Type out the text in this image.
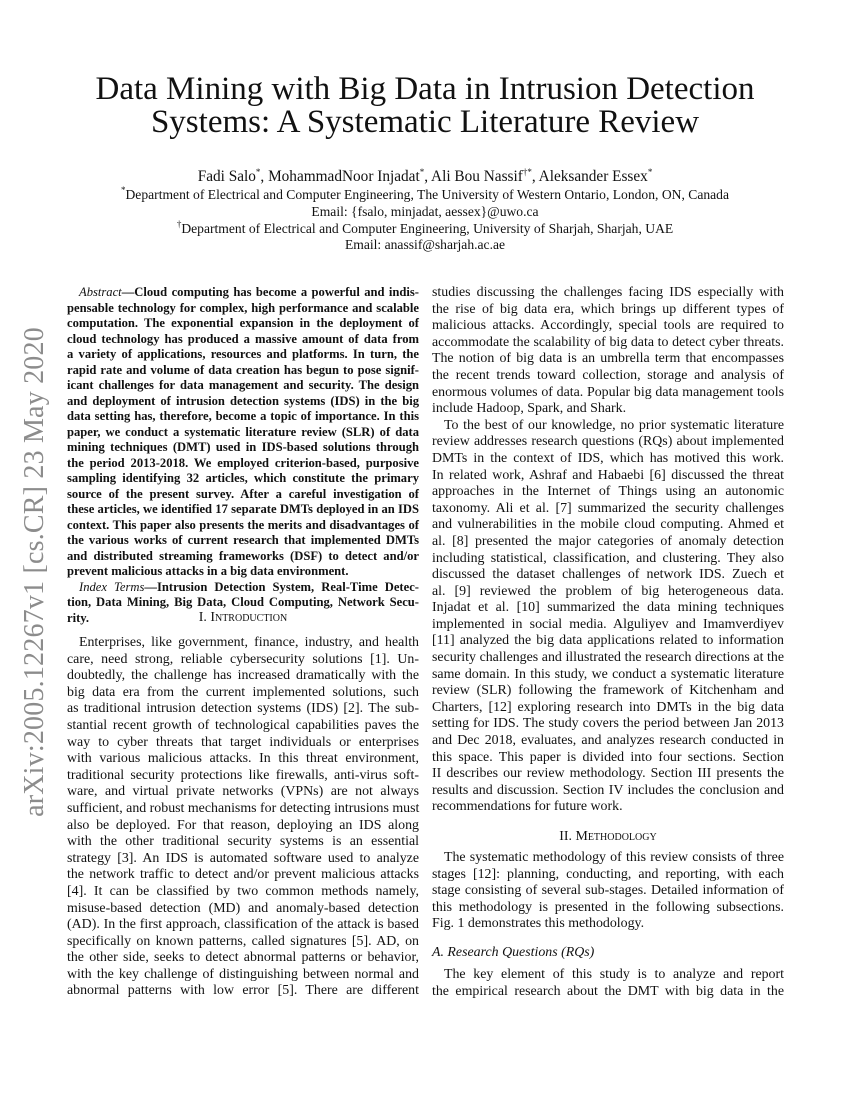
arXiv:2005.12267v1 [cs.CR] 23 May 2020
Data Mining with Big Data in Intrusion Detection
Systems: A Systematic Literature Review
Fadi Salo*, MohammadNoor Injadat*, Ali Bou Nassif†*, Aleksander Essex*
*Department of Electrical and Computer Engineering, The University of Western Ontario, London, ON, Canada
Email: {fsalo, minjadat, aessex}@uwo.ca
†Department of Electrical and Computer Engineering, University of Sharjah, Sharjah, UAE
Email: anassif@sharjah.ac.ae
Abstract—Cloud computing has become a powerful and indis-
pensable technology for complex, high performance and scalable
computation. The exponential expansion in the deployment of
cloud technology has produced a massive amount of data from
a variety of applications, resources and platforms. In turn, the
rapid rate and volume of data creation has begun to pose signif-
icant challenges for data management and security. The design
and deployment of intrusion detection systems (IDS) in the big
data setting has, therefore, become a topic of importance. In this
paper, we conduct a systematic literature review (SLR) of data
mining techniques (DMT) used in IDS-based solutions through
the period 2013-2018. We employed criterion-based, purposive
sampling identifying 32 articles, which constitute the primary
source of the present survey. After a careful investigation of
these articles, we identified 17 separate DMTs deployed in an IDS
context. This paper also presents the merits and disadvantages of
the various works of current research that implemented DMTs
and distributed streaming frameworks (DSF) to detect and/or
prevent malicious attacks in a big data environment.
Index Terms—Intrusion Detection System, Real-Time Detec-
tion, Data Mining, Big Data, Cloud Computing, Network Secu-
rity.	I. Introduction
Enterprises, like government, finance, industry, and health
care, need strong, reliable cybersecurity solutions [1]. Un-
doubtedly, the challenge has increased dramatically with the
big data era from the current implemented solutions, such
as traditional intrusion detection systems (IDS) [2]. The sub-
stantial recent growth of technological capabilities paves the
way to cyber threats that target individuals or enterprises
with various malicious attacks. In this threat environment,
traditional security protections like firewalls, anti-virus soft-
ware, and virtual private networks (VPNs) are not always
sufficient, and robust mechanisms for detecting intrusions must
also be deployed. For that reason, deploying an IDS along
with the other traditional security systems is an essential
strategy [3]. An IDS is automated software used to analyze
the network traffic to detect and/or prevent malicious attacks
[4]. It can be classified by two common methods namely,
misuse-based detection (MD) and anomaly-based detection
(AD). In the first approach, classification of the attack is based
specifically on known patterns, called signatures [5]. AD, on
the other side, seeks to detect abnormal patterns or behavior,
with the key challenge of distinguishing between normal and
abnormal patterns with low error [5]. There are different
studies discussing the challenges facing IDS especially with
the rise of big data era, which brings up different types of
malicious attacks. Accordingly, special tools are required to
accommodate the scalability of big data to detect cyber threats.
The notion of big data is an umbrella term that encompasses
the recent trends toward collection, storage and analysis of
enormous volumes of data. Popular big data management tools
include Hadoop, Spark, and Shark.
To the best of our knowledge, no prior systematic literature
review addresses research questions (RQs) about implemented
DMTs in the context of IDS, which has motived this work.
In related work, Ashraf and Habaebi [6] discussed the threat
approaches in the Internet of Things using an autonomic
taxonomy. Ali et al. [7] summarized the security challenges
and vulnerabilities in the mobile cloud computing. Ahmed et
al. [8] presented the major categories of anomaly detection
including statistical, classification, and clustering. They also
discussed the dataset challenges of network IDS. Zuech et
al. [9] reviewed the problem of big heterogeneous data.
Injadat et al. [10] summarized the data mining techniques
implemented in social media. Alguliyev and Imamverdiyev
[11] analyzed the big data applications related to information
security challenges and illustrated the research directions at the
same domain. In this study, we conduct a systematic literature
review (SLR) following the framework of Kitchenham and
Charters, [12] exploring research into DMTs in the big data
setting for IDS. The study covers the period between Jan 2013
and Dec 2018, evaluates, and analyzes research conducted in
this space. This paper is divided into four sections. Section
II describes our review methodology. Section III presents the
results and discussion. Section IV includes the conclusion and
recommendations for future work.
II. Methodology
The systematic methodology of this review consists of three
stages [12]: planning, conducting, and reporting, with each
stage consisting of several sub-stages. Detailed information of
this methodology is presented in the following subsections.
Fig. 1 demonstrates this methodology.
A. Research Questions (RQs)
The key element of this study is to analyze and report
the empirical research about the DMT with big data in the
